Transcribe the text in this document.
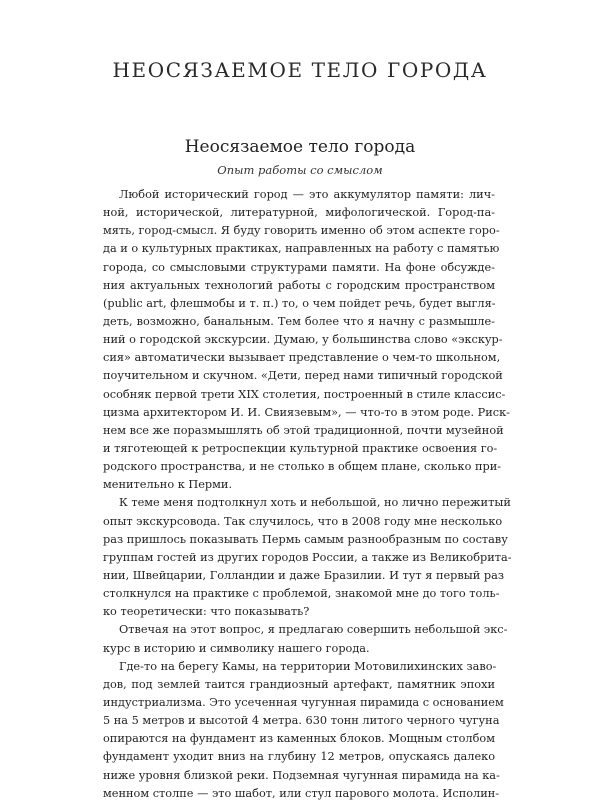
НЕОСЯЗАЕМОЕ ТЕЛО ГОРОДА
Неосязаемое тело города
Опыт работы со смыслом
Любой исторический город — это аккумулятор памяти: лич-
ной, исторической, литературной, мифологической. Город-па-
мять, город-смысл. Я буду говорить именно об этом аспекте горо-
да и о культурных практиках, направленных на работу с памятью
города, со смысловыми структурами памяти. На фоне обсужде-
ния актуальных технологий работы с городским пространством
(public art, флешмобы и т. п.) то, о чем пойдет речь, будет выгля-
деть, возможно, банальным. Тем более что я начну с размышле-
ний о городской экскурсии. Думаю, у большинства слово «экскур-
сия» автоматически вызывает представление о чем-то школьном,
поучительном и скучном. «Дети, перед нами типичный городской
особняк первой трети XIX столетия, построенный в стиле классис-
цизма архитектором И. И. Свиязевым», — что-то в этом роде. Риск-
нем все же поразмышлять об этой традиционной, почти музейной
и тяготеющей к ретроспекции культурной практике освоения го-
родского пространства, и не столько в общем плане, сколько при-
менительно к Перми.
К теме меня подтолкнул хоть и небольшой, но лично пережитый
опыт экскурсовода. Так случилось, что в 2008 году мне несколько
раз пришлось показывать Пермь самым разнообразным по составу
группам гостей из других городов России, а также из Великобрита-
нии, Швейцарии, Голландии и даже Бразилии. И тут я первый раз
столкнулся на практике с проблемой, знакомой мне до того толь-
ко теоретически: что показывать?
Отвечая на этот вопрос, я предлагаю совершить небольшой экс-
курс в историю и символику нашего города.
Где-то на берегу Камы, на территории Мотовилихинских заво-
дов, под землей таится грандиозный артефакт, памятник эпохи
индустриализма. Это усеченная чугунная пирамида с основанием
5 на 5 метров и высотой 4 метра. 630 тонн литого черного чугуна
опираются на фундамент из каменных блоков. Мощным столбом
фундамент уходит вниз на глубину 12 метров, опускаясь далеко
ниже уровня близкой реки. Подземная чугунная пирамида на ка-
менном столпе — это шабот, или стул парового молота. Исполин-
